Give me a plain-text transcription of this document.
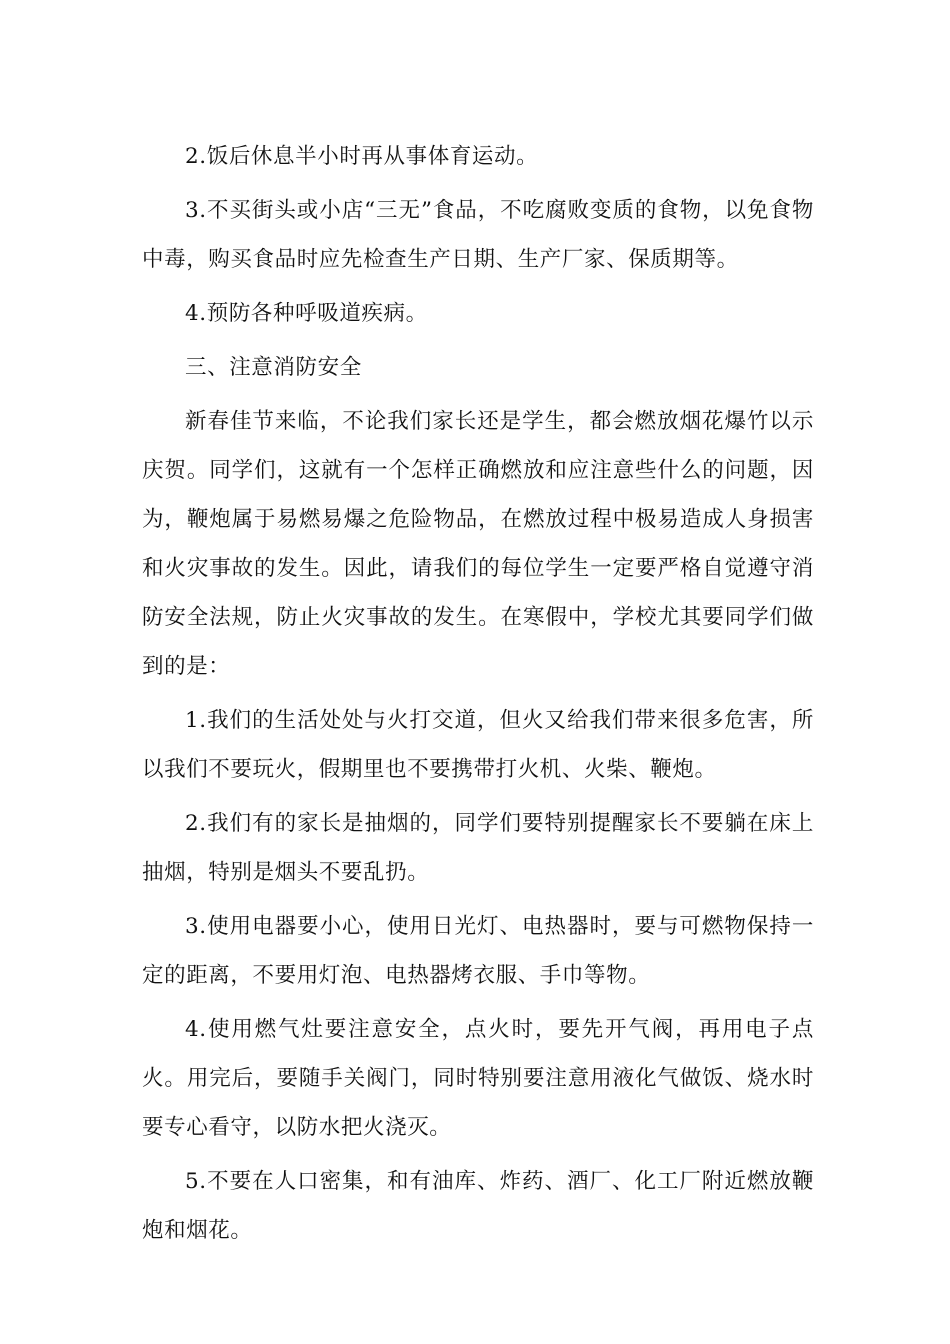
2.饭后休息半小时再从事体育运动。

3.不买街头或小店“三无”食品，不吃腐败变质的食物，以免食物中毒，购买食品时应先检查生产日期、生产厂家、保质期等。

4.预防各种呼吸道疾病。

三、注意消防安全

新春佳节来临，不论我们家长还是学生，都会燃放烟花爆竹以示庆贺。同学们，这就有一个怎样正确燃放和应注意些什么的问题，因为，鞭炮属于易燃易爆之危险物品，在燃放过程中极易造成人身损害和火灾事故的发生。因此，请我们的每位学生一定要严格自觉遵守消防安全法规，防止火灾事故的发生。在寒假中，学校尤其要同学们做到的是：

1.我们的生活处处与火打交道，但火又给我们带来很多危害，所以我们不要玩火，假期里也不要携带打火机、火柴、鞭炮。

2.我们有的家长是抽烟的，同学们要特别提醒家长不要躺在床上抽烟，特别是烟头不要乱扔。

3.使用电器要小心，使用日光灯、电热器时，要与可燃物保持一定的距离，不要用灯泡、电热器烤衣服、手巾等物。

4.使用燃气灶要注意安全，点火时，要先开气阀，再用电子点火。用完后，要随手关阀门，同时特别要注意用液化气做饭、烧水时要专心看守，以防水把火浇灭。

5.不要在人口密集，和有油库、炸药、酒厂、化工厂附近燃放鞭炮和烟花。
